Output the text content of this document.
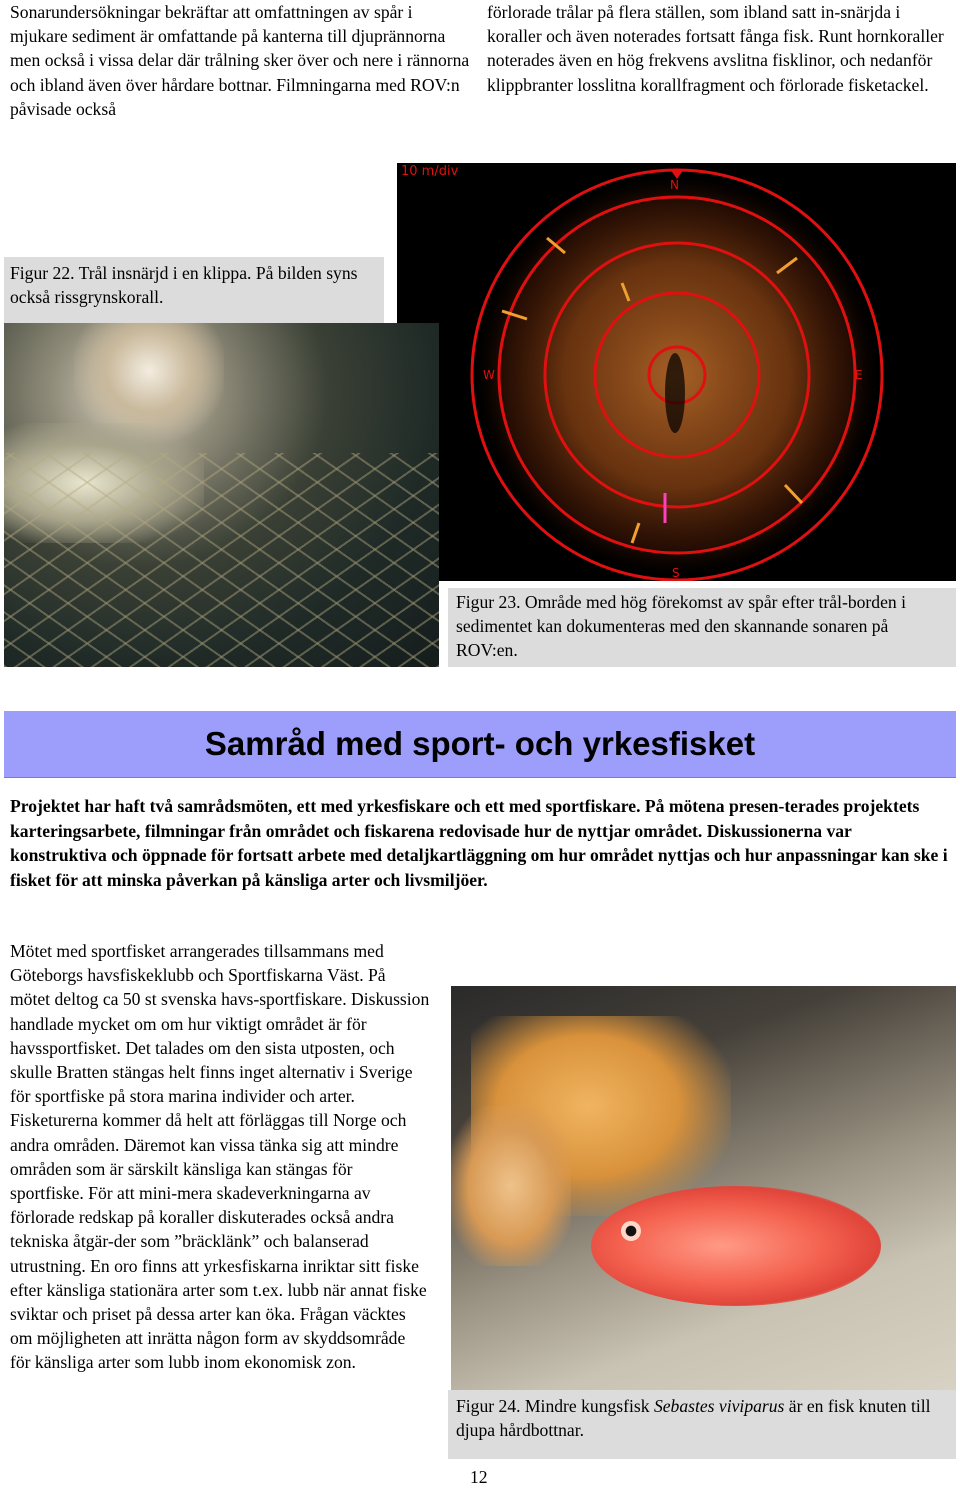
Sonarundersökningar bekräftar att omfattningen av spår i mjukare sediment är omfattande på kanterna till djuprännorna men också i vissa delar där trålning sker över och nere i rännorna och ibland även över hårdare bottnar. Filmningarna med ROV:n påvisade också

förlorade trålar på flera ställen, som ibland satt in-snärjda i koraller och även noterades fortsatt fånga fisk. Runt hornkoraller noterades även en hög frekvens avslitna fisklinor, och nedanför klippbranter losslitna korallfragment och förlorade fisketackel.

10 m/div
N
W	E
S
Figur 22. Trål insnärjd i en klippa. På bilden syns också rissgrynskorall.
Figur 23. Område med hög förekomst av spår efter trål-borden i sedimentet kan dokumenteras med den skannande sonaren på ROV:en.
Samråd med sport- och yrkesfisket

Projektet har haft två samrådsmöten, ett med yrkesfiskare och ett med sportfiskare. På mötena presen-terades projektets karteringsarbete, filmningar från området och fiskarena redovisade hur de nyttjar området. Diskussionerna var konstruktiva och öppnade för fortsatt arbete med detaljkartläggning om hur området nyttjas och hur anpassningar kan ske i fisket för att minska påverkan på känsliga arter och livsmiljöer.

Mötet med sportfisket arrangerades tillsammans med Göteborgs havsfiskeklubb och Sportfiskarna Väst. På mötet deltog ca 50 st svenska havs-sportfiskare. Diskussion handlade mycket om om hur viktigt området är för havssportfisket. Det talades om den sista utposten, och skulle Bratten stängas helt finns inget alternativ i Sverige för sportfiske på stora marina individer och arter. Fisketurerna kommer då helt att förläggas till Norge och andra områden. Däremot kan vissa tänka sig att mindre områden som är särskilt känsliga kan stängas för sportfiske. För att mini-mera skadeverkningarna av förlorade redskap på koraller diskuterades också andra tekniska åtgär-der som ”bräcklänk” och balanserad utrustning. En oro finns att yrkesfiskarna inriktar sitt fiske efter känsliga stationära arter som t.ex. lubb när annat fiske sviktar och priset på dessa arter kan öka. Frågan väcktes om möjligheten att inrätta någon form av skyddsområde för känsliga arter som lubb inom ekonomisk zon.

Figur 24. Mindre kungsfisk Sebastes viviparus är en fisk knuten till djupa hårdbottnar.
12
